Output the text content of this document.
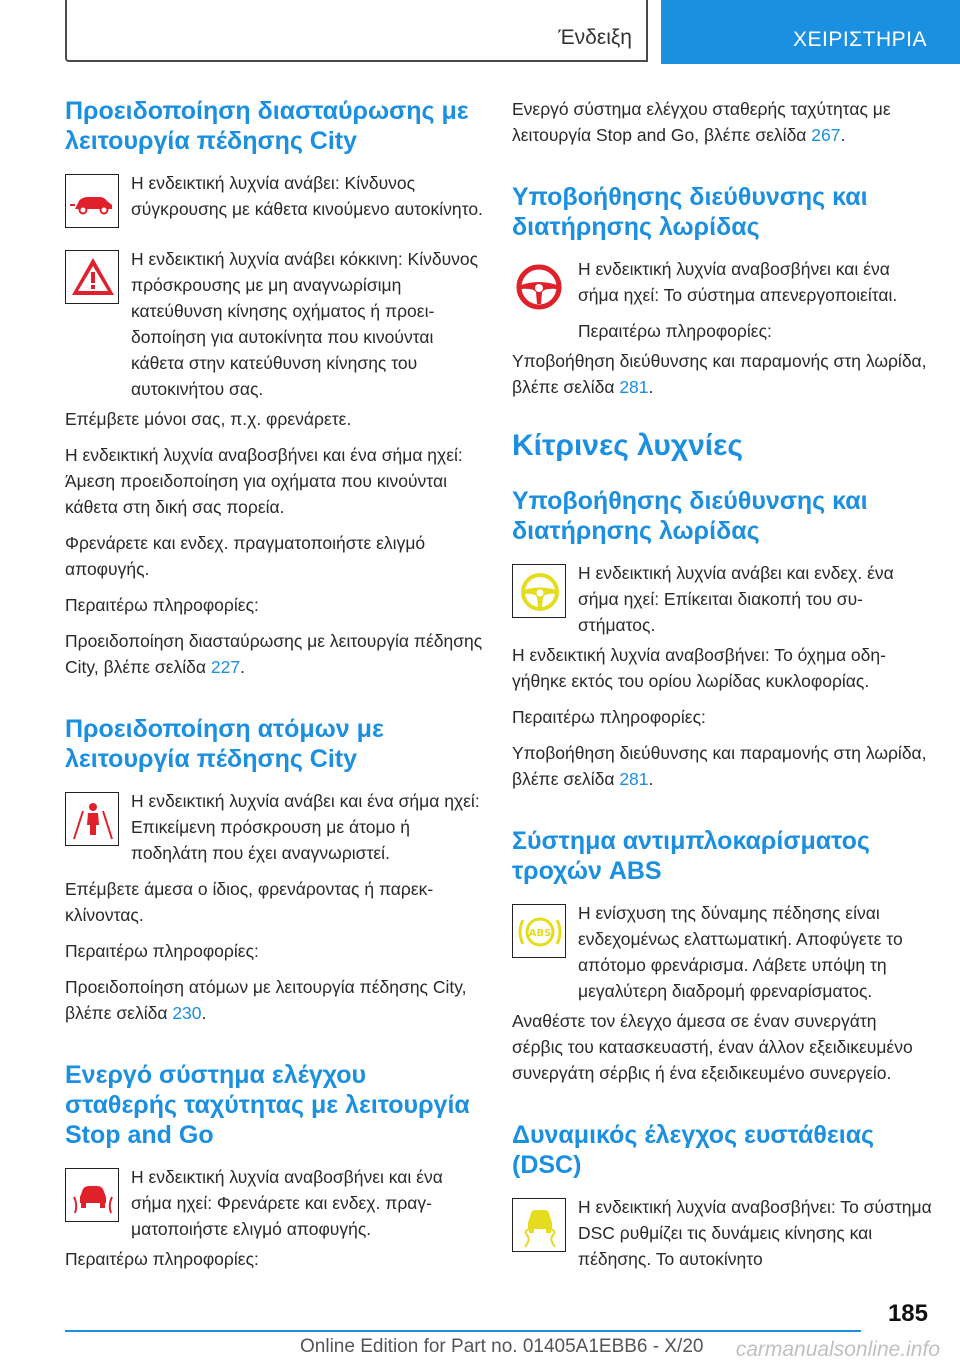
Ένδειξη	ΧΕΙΡΙΣΤΗΡΙΑ
Προειδοποίηση διασταύρωσης με λειτουργία πέδησης City

Η ενδεικτική λυχνία ανάβει: Κίνδυνος σύγκρουσης με κάθετα κινούμενο αυτοκίνητο.

Η ενδεικτική λυχνία ανάβει κόκκινη: Κίνδυνος πρόσκρουσης με μη αναγνωρίσιμη κατεύθυνση κίνησης οχήματος ή προειδοποίηση για αυτοκίνητα που κινούνται κάθετα στην κατεύθυνση κίνησης του αυτοκινήτου σας.

Επέμβετε μόνοι σας, π.χ. φρενάρετε.

Η ενδεικτική λυχνία αναβοσβήνει και ένα σήμα ηχεί: Άμεση προειδοποίηση για οχήματα που κινούνται κάθετα στη δική σας πορεία.

Φρενάρετε και ενδεχ. πραγματοποιήστε ελιγμό αποφυγής.

Περαιτέρω πληροφορίες:

Προειδοποίηση διασταύρωσης με λειτουργία πέδησης City, βλέπε σελίδα 227.

Προειδοποίηση ατόμων με λειτουργία πέδησης City

Η ενδεικτική λυχνία ανάβει και ένα σήμα ηχεί: Επικείμενη πρόσκρουση με άτομο ή ποδηλάτη που έχει αναγνωριστεί.

Επέμβετε άμεσα ο ίδιος, φρενάροντας ή παρεκκλίνοντας.

Περαιτέρω πληροφορίες:

Προειδοποίηση ατόμων με λειτουργία πέδησης City, βλέπε σελίδα 230.

Ενεργό σύστημα ελέγχου σταθερής ταχύτητας με λειτουργία Stop and Go

Η ενδεικτική λυχνία αναβοσβήνει και ένα σήμα ηχεί: Φρενάρετε και ενδεχ. πραγματοποιήστε ελιγμό αποφυγής.

Περαιτέρω πληροφορίες:

Ενεργό σύστημα ελέγχου σταθερής ταχύτητας με λειτουργία Stop and Go, βλέπε σελίδα 267.

Υποβοήθησης διεύθυνσης και διατήρησης λωρίδας

Η ενδεικτική λυχνία αναβοσβήνει και ένα σήμα ηχεί: Το σύστημα απενεργοποιείται.

Περαιτέρω πληροφορίες:

Υποβοήθηση διεύθυνσης και παραμονής στη λωρίδα, βλέπε σελίδα 281.

Κίτρινες λυχνίες
Υποβοήθησης διεύθυνσης και διατήρησης λωρίδας

Η ενδεικτική λυχνία ανάβει και ενδεχ. ένα σήμα ηχεί: Επίκειται διακοπή του συστήματος.

Η ενδεικτική λυχνία αναβοσβήνει: Το όχημα οδηγήθηκε εκτός του ορίου λωρίδας κυκλοφορίας.

Περαιτέρω πληροφορίες:

Υποβοήθηση διεύθυνσης και παραμονής στη λωρίδα, βλέπε σελίδα 281.

Σύστημα αντιμπλοκαρίσματος τροχών ABS
ABS

Η ενίσχυση της δύναμης πέδησης είναι ενδεχομένως ελαττωματική. Αποφύγετε το απότομο φρενάρισμα. Λάβετε υπόψη τη μεγαλύτερη διαδρομή φρεναρίσματος.

Αναθέστε τον έλεγχο άμεσα σε έναν συνεργάτη σέρβις του κατασκευαστή, έναν άλλον εξειδικευμένο συνεργάτη σέρβις ή ένα εξειδικευμένο συνεργείο.

Δυναμικός έλεγχος ευστάθειας (DSC)

Η ενδεικτική λυχνία αναβοσβήνει: Το σύστημα DSC ρυθμίζει τις δυνάμεις κίνησης και πέδησης. Το αυτοκίνητο

185
Online Edition for Part no. 01405A1EBB6 - X/20 carmanualsonline.info
